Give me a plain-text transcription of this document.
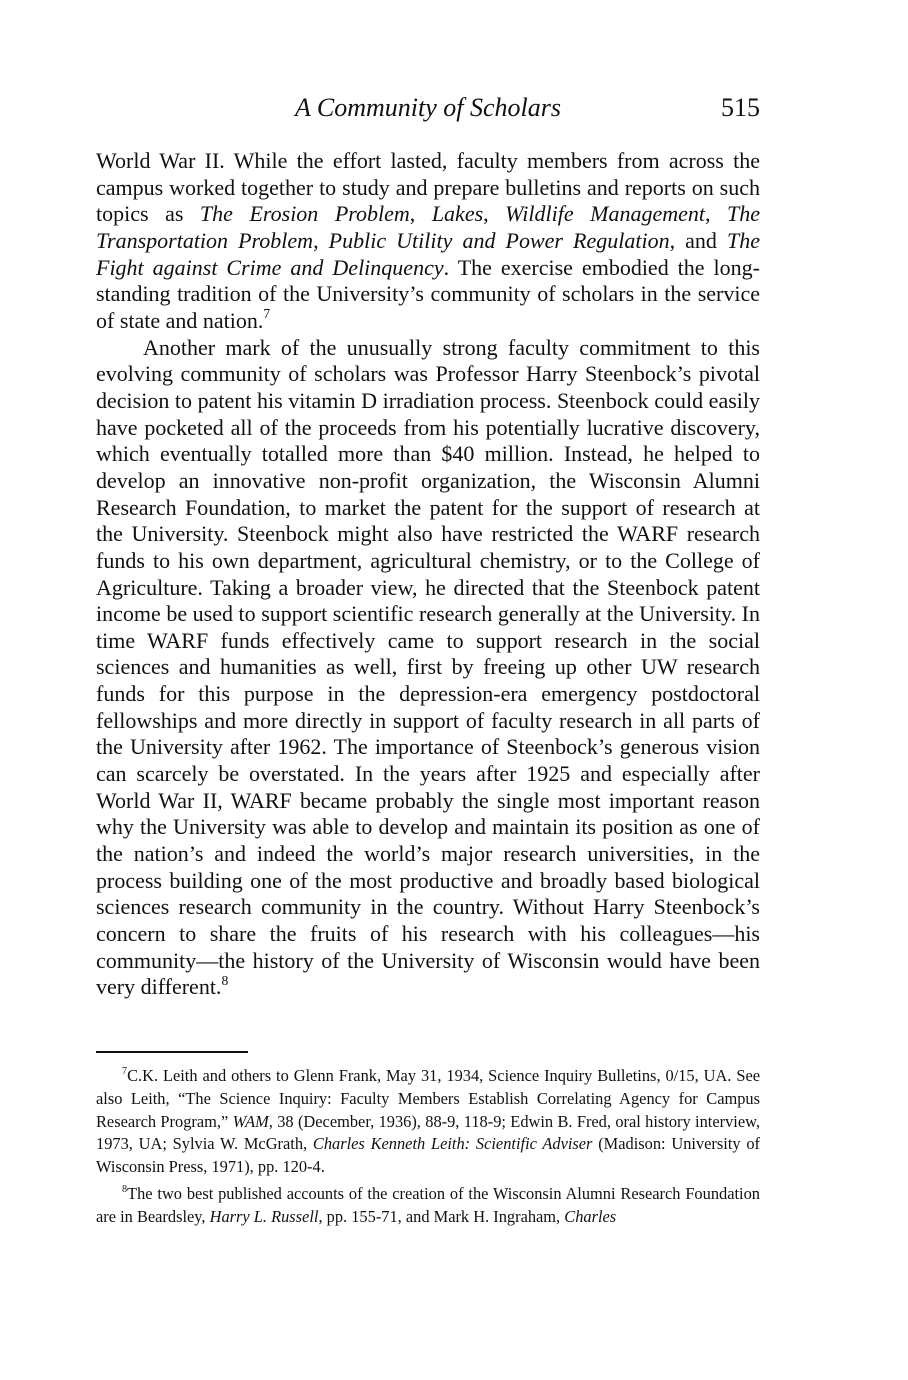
A Community of Scholars	515

World War II. While the effort lasted, faculty members from across the campus worked together to study and prepare bulletins and reports on such topics as The Erosion Problem, Lakes, Wildlife Management, The Transportation Problem, Public Utility and Power Regulation, and The Fight against Crime and Delinquency. The exercise embodied the long-standing tradition of the University’s community of scholars in the service of state and nation.$^7$

Another mark of the unusually strong faculty commitment to this evolving community of scholars was Professor Harry Steenbock’s pivotal decision to patent his vitamin D irradiation process. Steenbock could easily have pocketed all of the proceeds from his potentially lucrative discovery, which eventually totalled more than $40 million. Instead, he helped to develop an innovative non-profit organization, the Wisconsin Alumni Research Foundation, to market the patent for the support of research at the University. Steenbock might also have restricted the WARF research funds to his own department, agricultural chemistry, or to the College of Agriculture. Taking a broader view, he directed that the Steenbock patent income be used to support scientific research generally at the University. In time WARF funds effectively came to support research in the social sciences and humanities as well, first by freeing up other UW research funds for this purpose in the depression-era emergency postdoctoral fellowships and more directly in support of faculty research in all parts of the University after 1962. The importance of Steenbock’s generous vision can scarcely be overstated. In the years after 1925 and especially after World War II, WARF became probably the single most important reason why the University was able to develop and maintain its position as one of the nation’s and indeed the world’s major research universities, in the process building one of the most productive and broadly based biological sciences research community in the country. Without Harry Steenbock’s concern to share the fruits of his research with his colleagues—his community—the history of the University of Wisconsin would have been very different.$^8$

$^7$C.K. Leith and others to Glenn Frank, May 31, 1934, Science Inquiry Bulletins, 0/15, UA. See also Leith, “The Science Inquiry: Faculty Members Establish Correlating Agency for Campus Research Program,” WAM, 38 (December, 1936), 88-9, 118-9; Edwin B. Fred, oral history interview, 1973, UA; Sylvia W. McGrath, Charles Kenneth Leith: Scientific Adviser (Madison: University of Wisconsin Press, 1971), pp. 120-4.

$^8$The two best published accounts of the creation of the Wisconsin Alumni Research Foundation are in Beardsley, Harry L. Russell, pp. 155-71, and Mark H. Ingraham, Charles
